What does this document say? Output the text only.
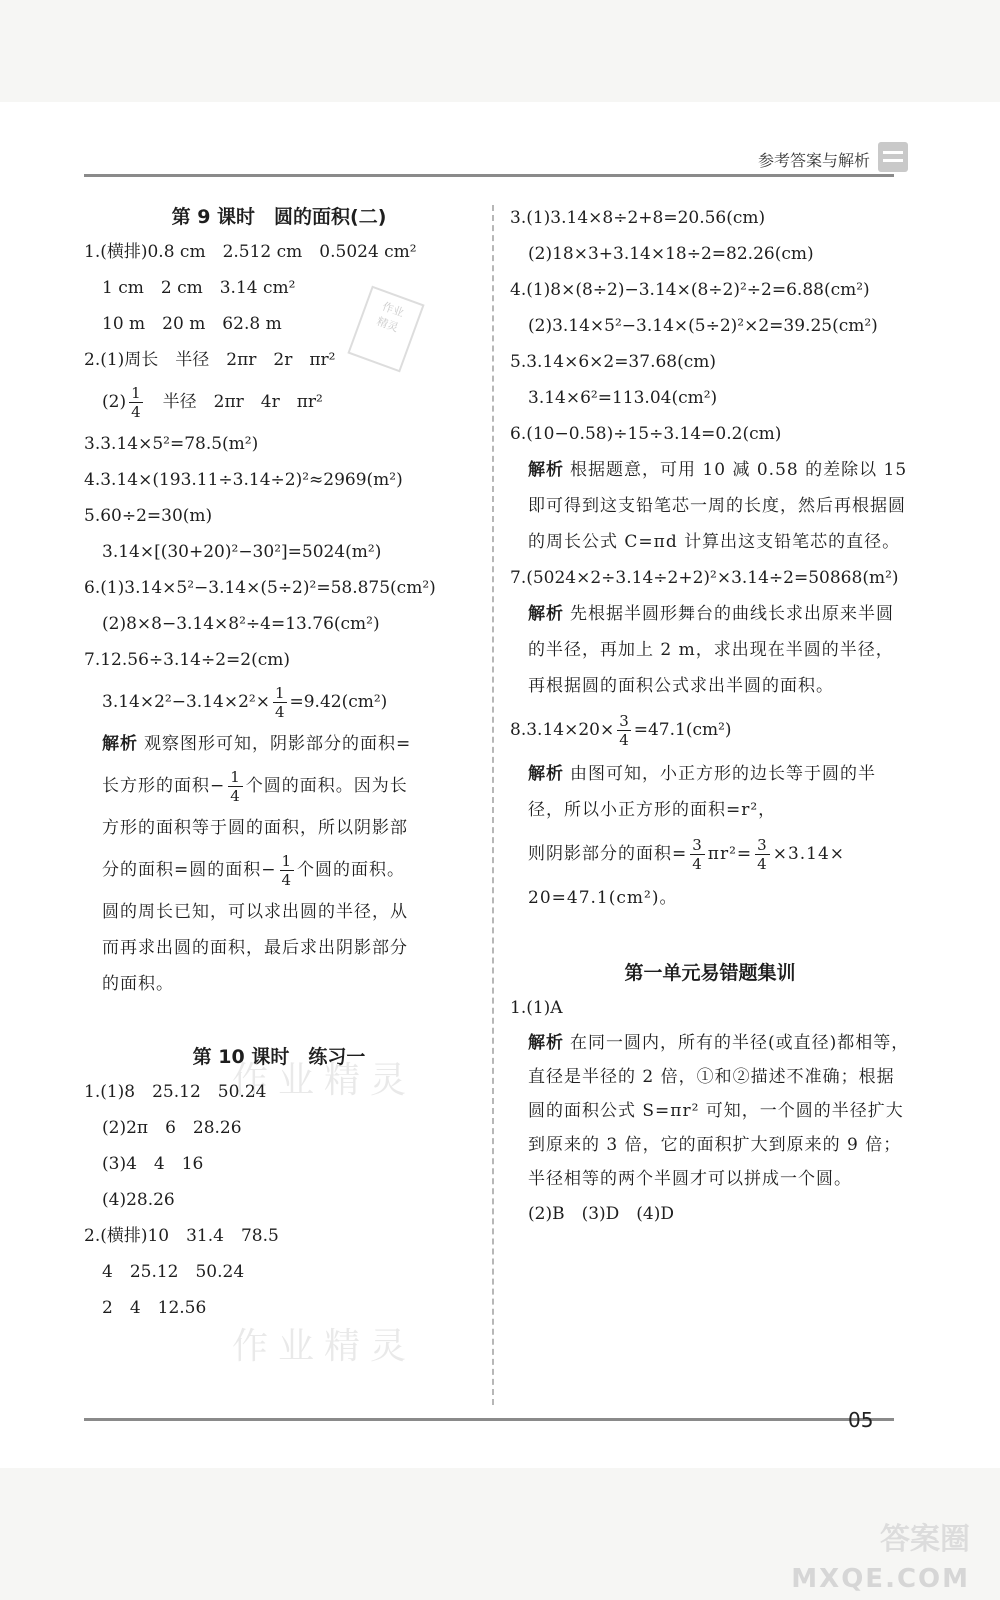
参考答案与解析
作业
精灵
作业精灵
作业精灵
第 9 课时　圆的面积(二)
1.(横排)0.8 cm　2.512 cm　0.5024 cm²
1 cm　2 cm　3.14 cm²
10 m　20 m　62.8 m
2.(1)周长　半径　2πr　2r　πr²
$(2) \frac{1}{4}$ 　半径　2πr　4r　πr²
3.3.14×5²=78.5(m²)
4.3.14×(193.11÷3.14÷2)²≈2969(m²)
5.60÷2=30(m)
3.14×[(30+20)²−30²]=5024(m²)
6.(1)3.14×5²−3.14×(5÷2)²=58.875(cm²)
(2)8×8−3.14×8²÷4=13.76(cm²)
7.12.56÷3.14÷2=2(cm)
$3.14\times 2^2-3.14\times 2^2\times \frac{1}{4} =9.42(cm^2)$
解析 观察图形可知，阴影部分的面积=
长方形的面积− $\frac{1}{4}$ 个圆的面积。因为长
方形的面积等于圆的面积，所以阴影部
分的面积=圆的面积− $\frac{1}{4}$ 个圆的面积。
圆的周长已知，可以求出圆的半径，从
而再求出圆的面积，最后求出阴影部分
的面积。
第 10 课时　练习一
1.(1)8　25.12　50.24
(2)2π　6　28.26
(3)4　4　16
(4)28.26
2.(横排)10　31.4　78.5
4　25.12　50.24
2　4　12.56
3.(1)3.14×8÷2+8=20.56(cm)
(2)18×3+3.14×18÷2=82.26(cm)
4.(1)8×(8÷2)−3.14×(8÷2)²÷2=6.88(cm²)
(2)3.14×5²−3.14×(5÷2)²×2=39.25(cm²)
5.3.14×6×2=37.68(cm)
3.14×6²=113.04(cm²)
6.(10−0.58)÷15÷3.14=0.2(cm)
解析 根据题意，可用 10 减 0.58 的差除以 15 即可得到这支铅笔芯一周的长度，然后再根据圆的周长公式 C=πd 计算出这支铅笔芯的直径。
7.(5024×2÷3.14÷2+2)²×3.14÷2=50868(m²)
解析 先根据半圆形舞台的曲线长求出原来半圆的半径，再加上 2 m，求出现在半圆的半径，再根据圆的面积公式求出半圆的面积。
$8.3.14\times 20\times \frac{3}{4} =47.1(cm^2)$
解析 由图可知，小正方形的边长等于圆的半径，所以小正方形的面积=r²，
则阴影部分的面积= $\frac{3}{4} \pi r^2= \frac{3}{4} \times 3.14\times$
20=47.1(cm²)。
第一单元易错题集训
1.(1)A
解析 在同一圆内，所有的半径(或直径)都相等，直径是半径的 2 倍，①和②描述不准确；根据圆的面积公式 S=πr² 可知，一个圆的半径扩大到原来的 3 倍，它的面积扩大到原来的 9 倍；半径相等的两个半圆才可以拼成一个圆。
(2)B　(3)D　(4)D
05
答案圈
MXQE.COM
